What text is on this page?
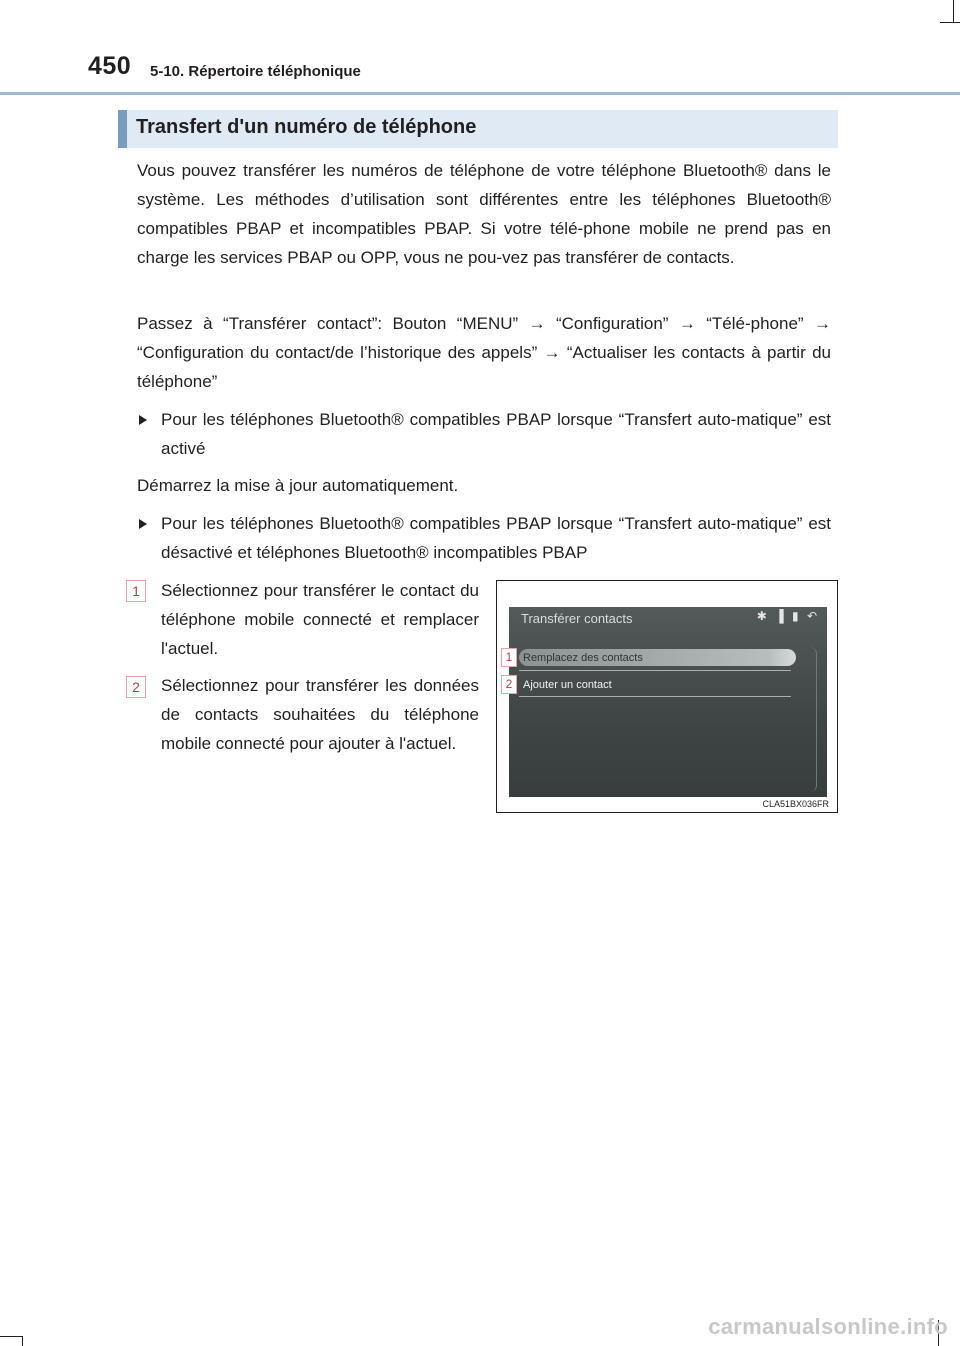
450 5-10. Répertoire téléphonique
Transfert d'un numéro de téléphone

Vous pouvez transférer les numéros de téléphone de votre téléphone Bluetooth® dans le système. Les méthodes d’utilisation sont différentes entre les téléphones Bluetooth® compatibles PBAP et incompatibles PBAP. Si votre télé-phone mobile ne prend pas en charge les services PBAP ou OPP, vous ne pou-vez pas transférer de contacts.

Passez à “Transférer contact”: Bouton “MENU” → “Configuration” → “Télé-phone” → “Configuration du contact/de l’historique des appels” → “Actualiser les contacts à partir du téléphone”

Pour les téléphones Bluetooth® compatibles PBAP lorsque “Transfert auto-matique” est activé

Démarrez la mise à jour automatiquement.

Pour les téléphones Bluetooth® compatibles PBAP lorsque “Transfert auto-matique” est désactivé et téléphones Bluetooth® incompatibles PBAP
1	Sélectionnez pour transférer le contact du téléphone mobile connecté et remplacer l'actuel.
2	Sélectionnez pour transférer les données de contacts souhaitées du téléphone mobile connecté pour ajouter à l'actuel.
Transférer contacts	✱ ▐ ▮ ↶
Remplacez des contacts
Ajouter un contact
1
2
CLA51BX036FR
carmanualsonline.info
